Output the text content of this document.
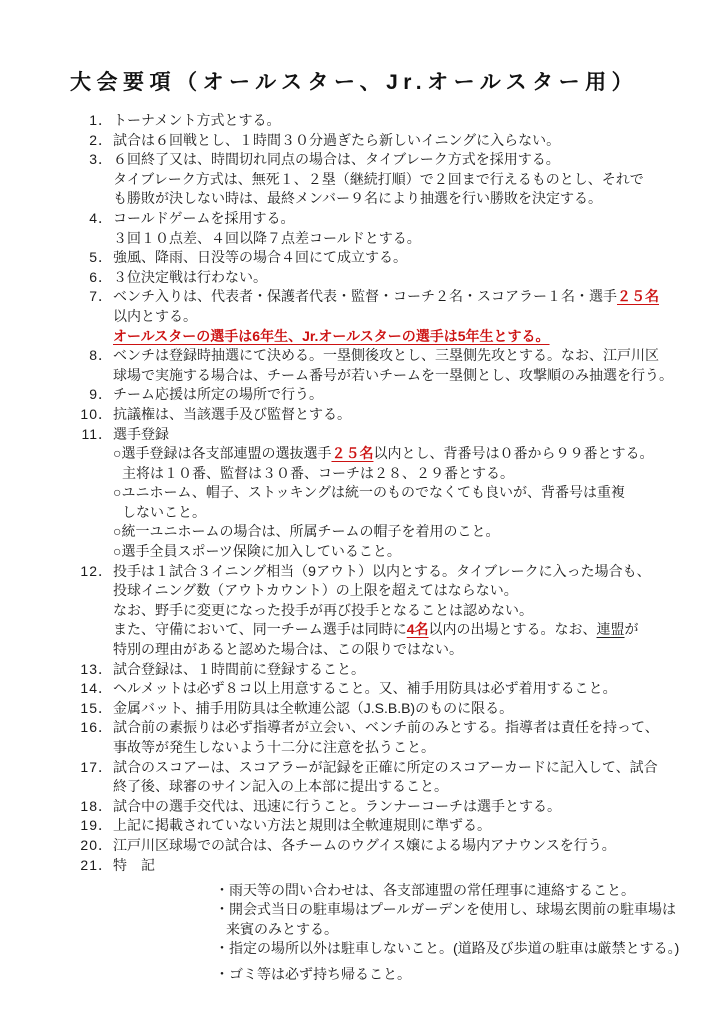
大会要項（オールスター、Jr.オールスター用）
1． トーナメント方式とする。
2． 試合は６回戦とし、１時間３０分過ぎたら新しいイニングに入らない。
3． ６回終了又は、時間切れ同点の場合は、タイブレーク方式を採用する。
タイブレーク方式は、無死１、２塁（継続打順）で２回まで行えるものとし、それで
も勝敗が決しない時は、最終メンバー９名により抽選を行い勝敗を決定する。
4． コールドゲームを採用する。
３回１０点差、４回以降７点差コールドとする。
5． 強風、降雨、日没等の場合４回にて成立する。
6． ３位決定戦は行わない。
7． ベンチ入りは、代表者・保護者代表・監督・コーチ２名・スコアラー１名・選手２５名
以内とする。
オールスターの選手は6年生、Jr.オールスターの選手は5年生とする。
8． ベンチは登録時抽選にて決める。一塁側後攻とし、三塁側先攻とする。なお、江戸川区
球場で実施する場合は、チーム番号が若いチームを一塁側とし、攻撃順のみ抽選を行う。
9． チーム応援は所定の場所で行う。
10． 抗議権は、当該選手及び監督とする。
11． 選手登録
○選手登録は各支部連盟の選抜選手２５名以内とし、背番号は０番から９９番とする。
主将は１０番、監督は３０番、コーチは２８、２９番とする。
○ユニホーム、帽子、ストッキングは統一のものでなくても良いが、背番号は重複
しないこと。
○統一ユニホームの場合は、所属チームの帽子を着用のこと。
○選手全員スポーツ保険に加入していること。
12． 投手は１試合３イニング相当（9アウト）以内とする。タイブレークに入った場合も、
投球イニング数（アウトカウント）の上限を超えてはならない。
なお、野手に変更になった投手が再び投手となることは認めない。
また、守備において、同一チーム選手は同時に4名以内の出場とする。なお、連盟が
特別の理由があると認めた場合は、この限りではない。
13． 試合登録は、１時間前に登録すること。
14． ヘルメットは必ず８コ以上用意すること。又、補手用防具は必ず着用すること。
15． 金属バット、捕手用防具は全軟連公認（J.S.B.B)のものに限る。
16． 試合前の素振りは必ず指導者が立会い、ベンチ前のみとする。指導者は責任を持って、
事故等が発生しないよう十二分に注意を払うこと。
17． 試合のスコアーは、スコアラーが記録を正確に所定のスコアーカードに記入して、試合
終了後、球審のサイン記入の上本部に提出すること。
18． 試合中の選手交代は、迅速に行うこと。ランナーコーチは選手とする。
19． 上記に掲載されていない方法と規則は全軟連規則に準ずる。
20． 江戸川区球場での試合は、各チームのウグイス嬢による場内アナウンスを行う。
21． 特　記
・雨天等の問い合わせは、各支部連盟の常任理事に連絡すること。
・開会式当日の駐車場はプールガーデンを使用し、球場玄関前の駐車場は
来賓のみとする。
・指定の場所以外は駐車しないこと。(道路及び歩道の駐車は厳禁とする。)
・ゴミ等は必ず持ち帰ること。
